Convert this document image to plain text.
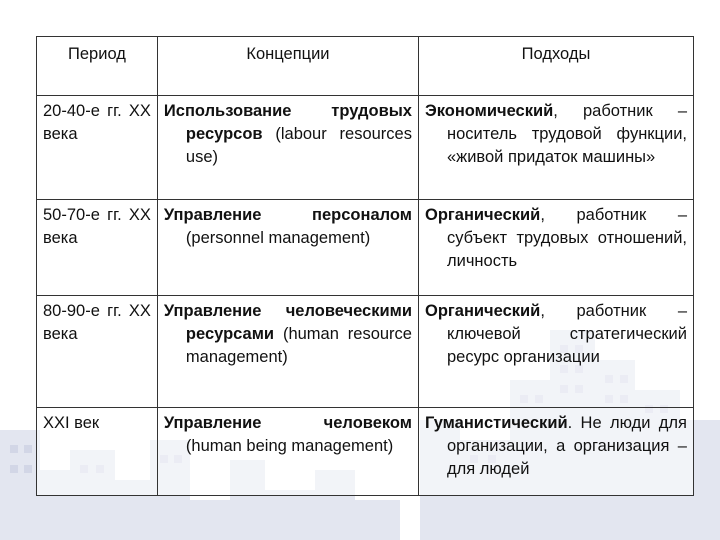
Период	Концепции	Подходы
20-40-е гг. XX века	Использование трудовых ресурсов (labour resources use)	Экономический, работник – носитель трудовой функции, «живой придаток машины»

50-70-е гг. XX века	Управление персоналом (personnel management)	Органический, работник – субъект трудовых отношений, личность

80-90-е гг. XX века	Управление человеческими ресурсами (human resource management)	Органический, работник – ключевой стратегический ресурс организации

XXI век	Управление человеком (human being management)	Гуманистический. Не люди для организации, а организация – для людей
